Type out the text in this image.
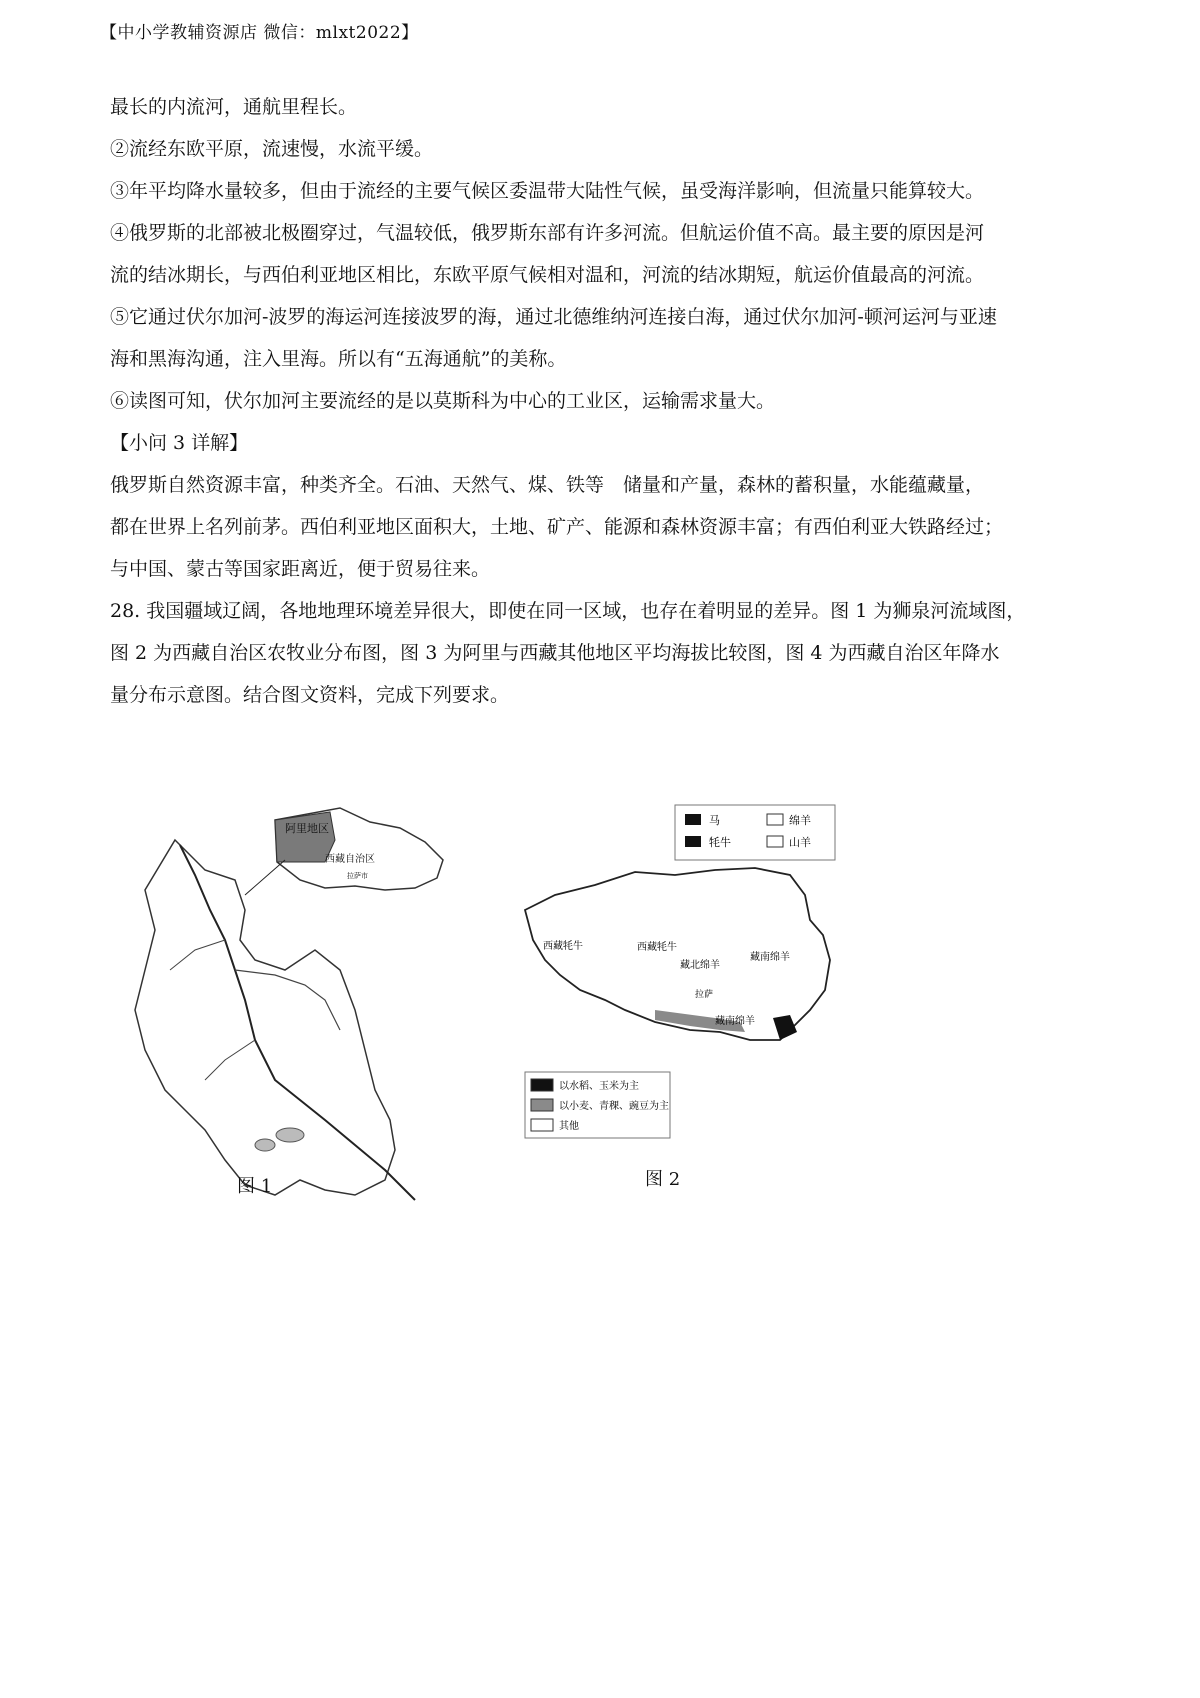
【中小学教辅资源店 微信：mlxt2022】
最长的内流河，通航里程长。
②流经东欧平原，流速慢，水流平缓。
③年平均降水量较多，但由于流经的主要气候区委温带大陆性气候，虽受海洋影响，但流量只能算较大。
④俄罗斯的北部被北极圈穿过，气温较低，俄罗斯东部有许多河流。但航运价值不高。最主要的原因是河
流的结冰期长，与西伯利亚地区相比，东欧平原气候相对温和，河流的结冰期短，航运价值最高的河流。
⑤它通过伏尔加河-波罗的海运河连接波罗的海，通过北德维纳河连接白海，通过伏尔加河-顿河运河与亚速
海和黑海沟通，注入里海。所以有“五海通航”的美称。
⑥读图可知，伏尔加河主要流经的是以莫斯科为中心的工业区，运输需求量大。
【小问 3 详解】
俄罗斯自然资源丰富，种类齐全。石油、天然气、煤、铁等　储量和产量，森林的蓄积量，水能蕴藏量，
都在世界上名列前茅。西伯利亚地区面积大，土地、矿产、能源和森林资源丰富；有西伯利亚大铁路经过；
与中国、蒙古等国家距离近，便于贸易往来。
28. 我国疆域辽阔，各地地理环境差异很大，即使在同一区域，也存在着明显的差异。图 1 为狮泉河流域图，
图 2 为西藏自治区农牧业分布图，图 3 为阿里与西藏其他地区平均海拔比较图，图 4 为西藏自治区年降水
量分布示意图。结合图文资料，完成下列要求。
阿里地区
西藏自治区
拉萨市
图 1
马	绵羊
牦牛	山羊
西藏牦牛	西藏牦牛
藏北绵羊
藏南绵羊
拉萨
藏南绵羊
以水稻、玉米为主
以小麦、青稞、豌豆为主
其他
图 2
